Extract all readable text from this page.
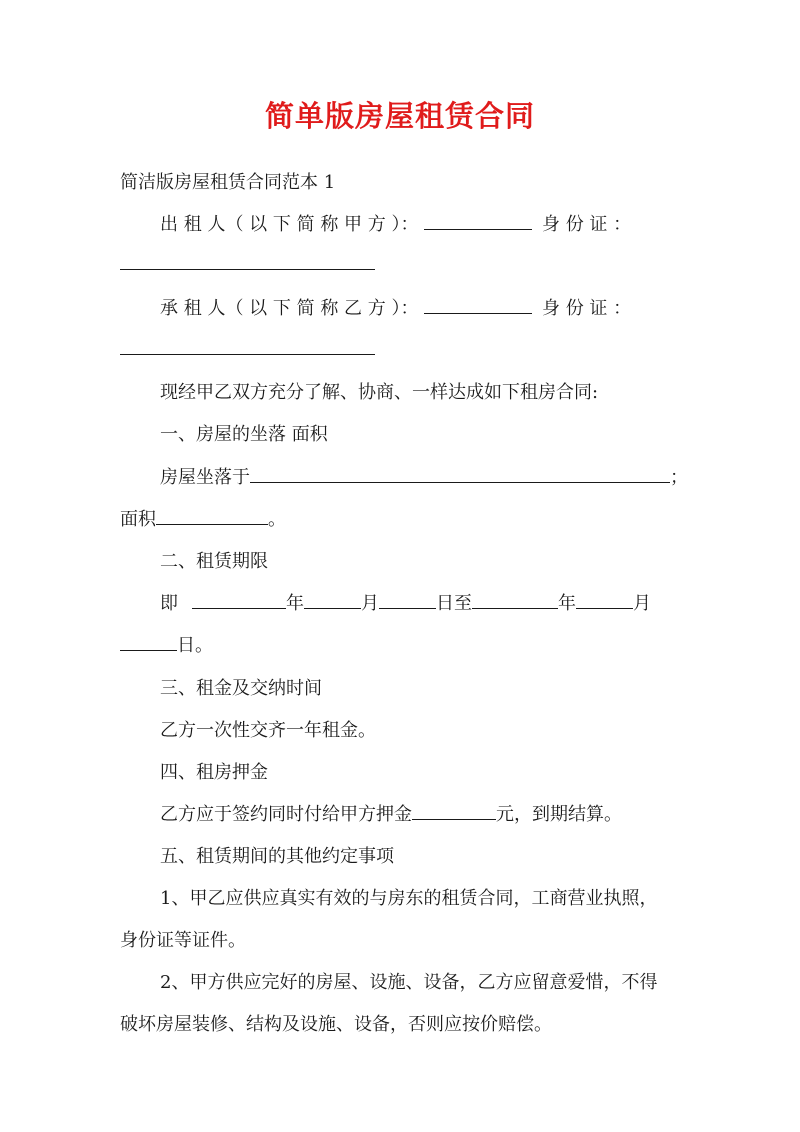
简单版房屋租赁合同
简洁版房屋租赁合同范本 1
出 租 人（ 以 下 简 称 甲 方 ）：	身 份 证 ：
承 租 人（ 以 下 简 称 乙 方 ）：	身 份 证 ：
现经甲乙双方充分了解、协商、一样达成如下租房合同:
一、房屋的坐落 面积
房屋坐落于	；
面积	。
二、租赁期限
即	年	月	日至	年	月
日。
三、租金及交纳时间
乙方一次性交齐一年租金。
四、租房押金
乙方应于签约同时付给甲方押金	元，到期结算。
五、租赁期间的其他约定事项
1、甲乙应供应真实有效的与房东的租赁合同，工商营业执照，
身份证等证件。
2、甲方供应完好的房屋、设施、设备，乙方应留意爱惜，不得
破坏房屋装修、结构及设施、设备，否则应按价赔偿。
